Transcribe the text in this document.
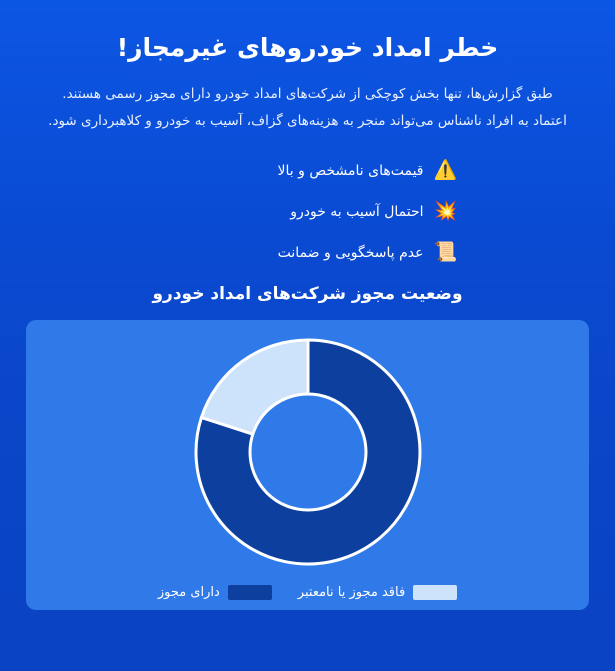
خطر امداد خودروهای غیرمجاز!

طبق گزارش‌ها، تنها بخش کوچکی از شرکت‌های امداد خودرو دارای مجوز رسمی هستند. اعتماد به افراد ناشناس می‌تواند منجر به هزینه‌های گزاف، آسیب به خودرو و کلاهبرداری شود.

⚠️
قیمت‌های نامشخص و بالا
💥
احتمال آسیب به خودرو
📜
عدم پاسخگویی و ضمانت
وضعیت مجوز شرکت‌های امداد خودرو
فاقد مجوز یا نامعتبر
دارای مجوز
